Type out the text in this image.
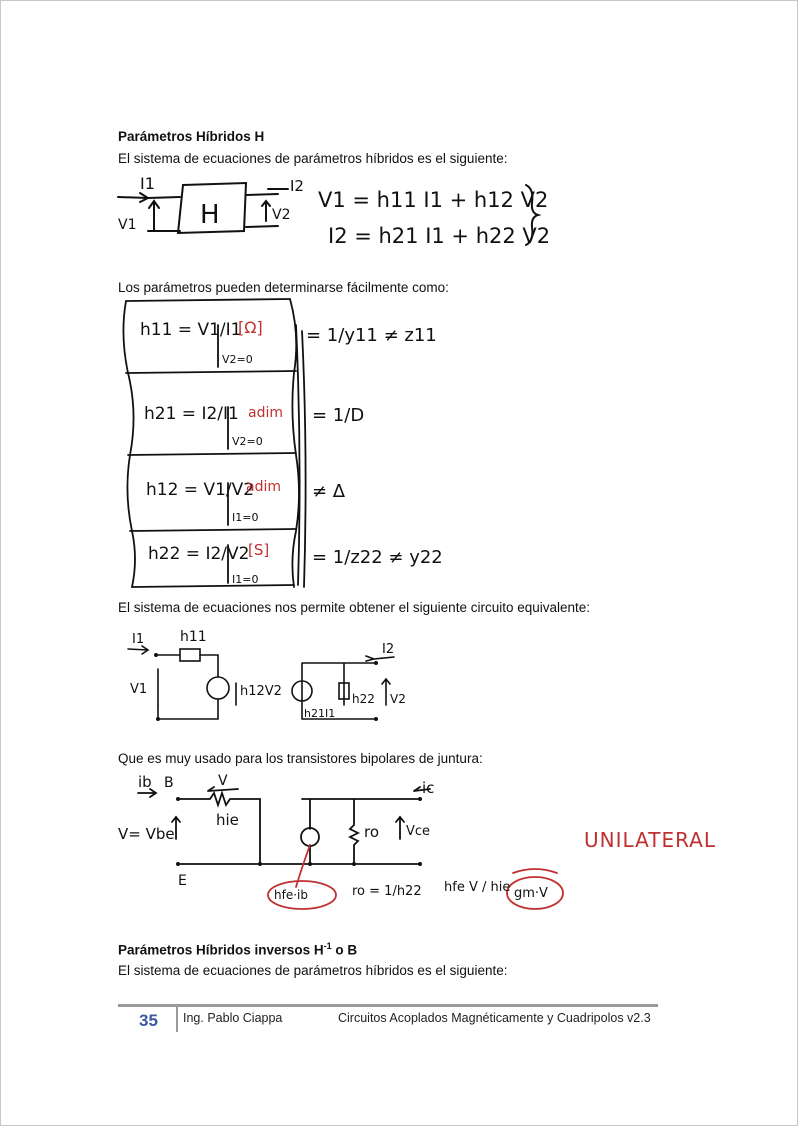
Parámetros Híbridos H
El sistema de ecuaciones de parámetros híbridos es el siguiente:
I1
V1 H
I2
V2
V1 = h11 I1 + h12 V2
I2 = h21 I1 + h22 V2
Los parámetros pueden determinarse fácilmente como:
h11 = V1/I1
V2=0
[Ω] = 1/y11 ≠ z11
h21 = I2/I1
V2=0
adim = 1/D
h12 = V1/V2
I1=0
adim ≠ Δ
h22 = I2/V2
I1=0
[S] = 1/z22 ≠ y22
El sistema de ecuaciones nos permite obtener el siguiente circuito equivalente:
I1	h11
V1	h12V2
I2
h21I1
h22 V2
Que es muy usado para los transistores bipolares de juntura:
ib B	V
hie
V= Vbe
E
ic
ro Vce
hfe·ib	ro = 1/h22 hfe V / hie gm·V
UNILATERAL
Parámetros Híbridos inversos $H^{-1}$ o B
El sistema de ecuaciones de parámetros híbridos es el siguiente:
35 Ing. Pablo Ciappa	Circuitos Acoplados Magnéticamente y Cuadripolos v2.3
